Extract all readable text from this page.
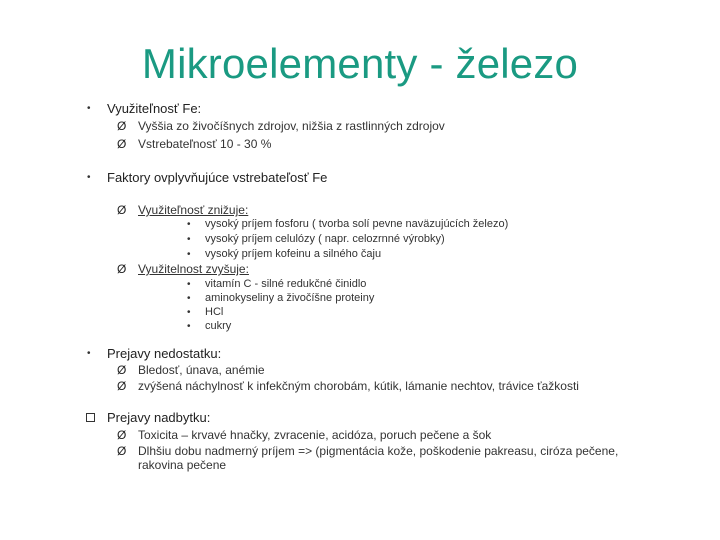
Mikroelementy - železo
• Využiteľnosť Fe:
Ø Vyššia zo živočíšnych zdrojov, nižšia z rastlinných zdrojov
Ø Vstrebateľnosť 10 - 30 %
• Faktory ovplyvňujúce vstrebateľosť Fe
Ø Využiteľnosť znižuje:
• vysoký príjem fosforu ( tvorba solí pevne naväzujúcích železo)
• vysoký príjem celulózy ( napr. celozrnné výrobky)
• vysoký príjem kofeinu a silného čaju
Ø Využitelnost zvyšuje:
• vitamín C - silné redukčné činidlo
• aminokyseliny a živočíšne proteiny
• HCl
• cukry
• Prejavy nedostatku:
Ø Bledosť, únava, anémie
Ø zvýšená náchylnosť k infekčným chorobám, kútik, lámanie nechtov, trávice ťažkosti
Prejavy nadbytku:
Ø Toxicita – krvavé hnačky, zvracenie, acidóza, poruch pečene a šok
Ø Dlhšiu dobu nadmerný príjem => (pigmentácia kože, poškodenie pakreasu, ciróza pečene,
rakovina pečene
